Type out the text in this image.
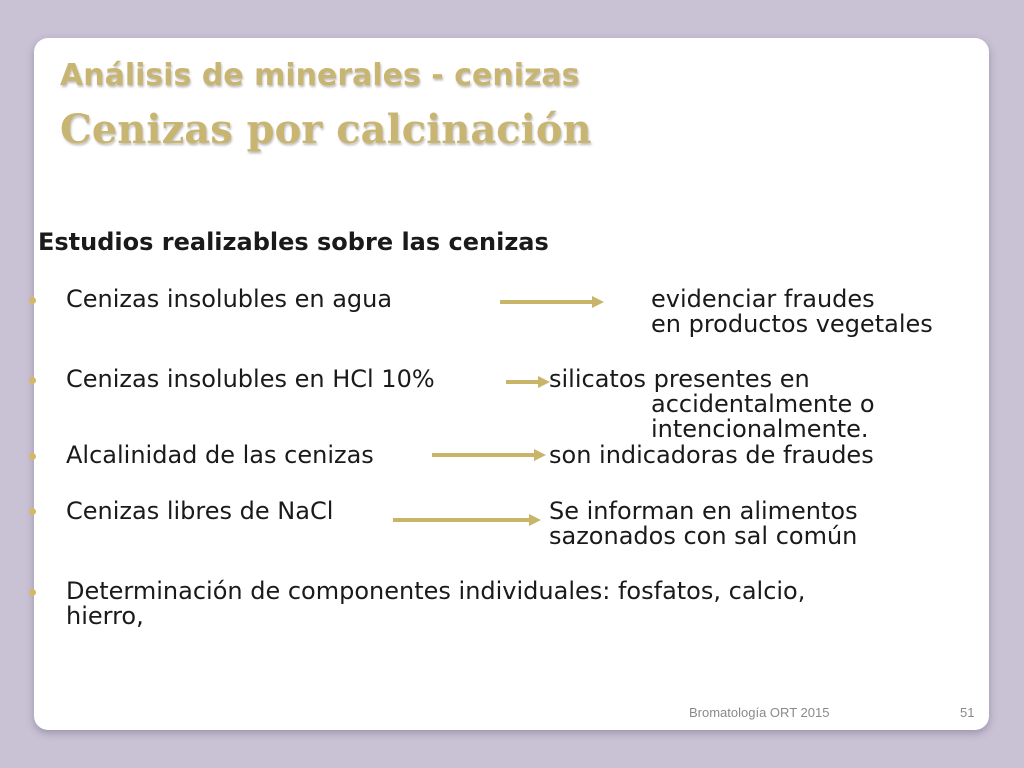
Análisis de minerales - cenizas
Cenizas por calcinación
Estudios realizables sobre las cenizas
Cenizas insolubles en agua	evidenciar fraudes
en productos vegetales
Cenizas insolubles en HCl 10%	silicatos presentes en
accidentalmente o
intencionalmente.
Alcalinidad de las cenizas	son indicadoras de fraudes
Cenizas libres de NaCl	Se informan en alimentos
sazonados con sal común
Determinación de componentes individuales: fosfatos, calcio,
hierro,
Bromatología ORT 2015	51
